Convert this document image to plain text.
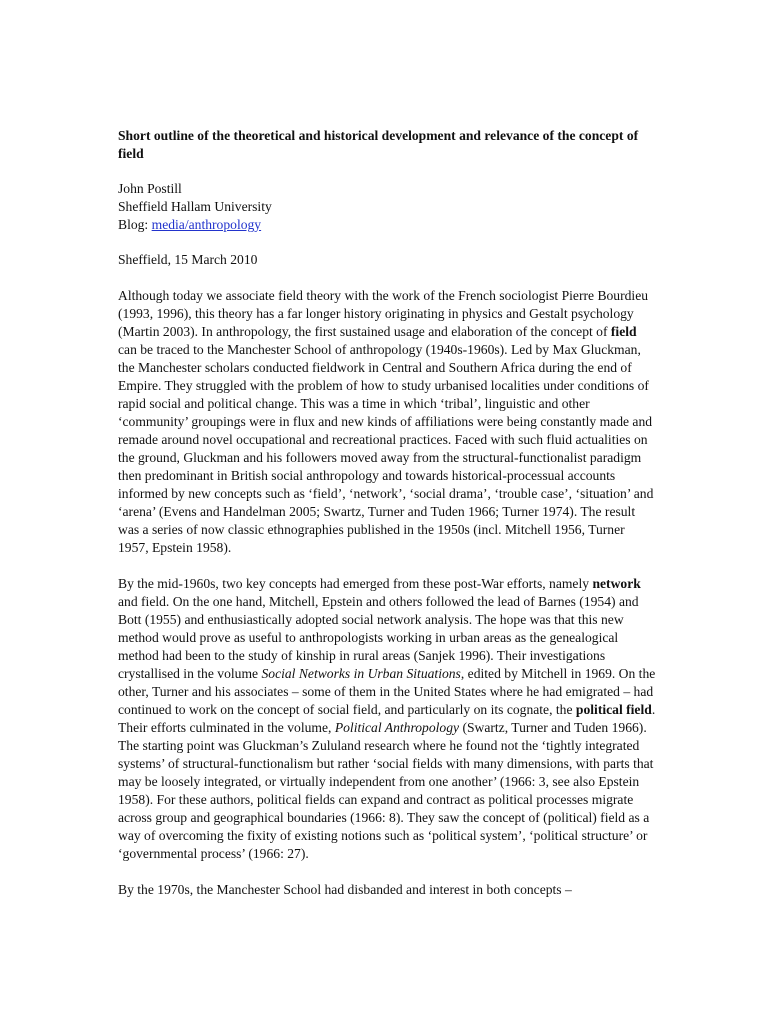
Short outline of the theoretical and historical development and relevance of the concept of field
John Postill
Sheffield Hallam University
Blog: media/anthropology
Sheffield, 15 March 2010

Although today we associate field theory with the work of the French sociologist Pierre Bourdieu (1993, 1996), this theory has a far longer history originating in physics and Gestalt psychology (Martin 2003). In anthropology, the first sustained usage and elaboration of the concept of field can be traced to the Manchester School of anthropology (1940s-1960s). Led by Max Gluckman, the Manchester scholars conducted fieldwork in Central and Southern Africa during the end of Empire. They struggled with the problem of how to study urbanised localities under conditions of rapid social and political change. This was a time in which ‘tribal’, linguistic and other ‘community’ groupings were in flux and new kinds of affiliations were being constantly made and remade around novel occupational and recreational practices. Faced with such fluid actualities on the ground, Gluckman and his followers moved away from the structural-functionalist paradigm then predominant in British social anthropology and towards historical-processual accounts informed by new concepts such as ‘field’, ‘network’, ‘social drama’, ‘trouble case’, ‘situation’ and ‘arena’ (Evens and Handelman 2005; Swartz, Turner and Tuden 1966; Turner 1974). The result was a series of now classic ethnographies published in the 1950s (incl. Mitchell 1956, Turner 1957, Epstein 1958).

By the mid-1960s, two key concepts had emerged from these post-War efforts, namely network and field. On the one hand, Mitchell, Epstein and others followed the lead of Barnes (1954) and Bott (1955) and enthusiastically adopted social network analysis. The hope was that this new method would prove as useful to anthropologists working in urban areas as the genealogical method had been to the study of kinship in rural areas (Sanjek 1996). Their investigations crystallised in the volume Social Networks in Urban Situations, edited by Mitchell in 1969. On the other, Turner and his associates – some of them in the United States where he had emigrated – had continued to work on the concept of social field, and particularly on its cognate, the political field. Their efforts culminated in the volume, Political Anthropology (Swartz, Turner and Tuden 1966). The starting point was Gluckman’s Zululand research where he found not the ‘tightly integrated systems’ of structural-functionalism but rather ‘social fields with many dimensions, with parts that may be loosely integrated, or virtually independent from one another’ (1966: 3, see also Epstein 1958). For these authors, political fields can expand and contract as political processes migrate across group and geographical boundaries (1966: 8). They saw the concept of (political) field as a way of overcoming the fixity of existing notions such as ‘political system’, ‘political structure’ or ‘governmental process’ (1966: 27).

By the 1970s, the Manchester School had disbanded and interest in both concepts –
